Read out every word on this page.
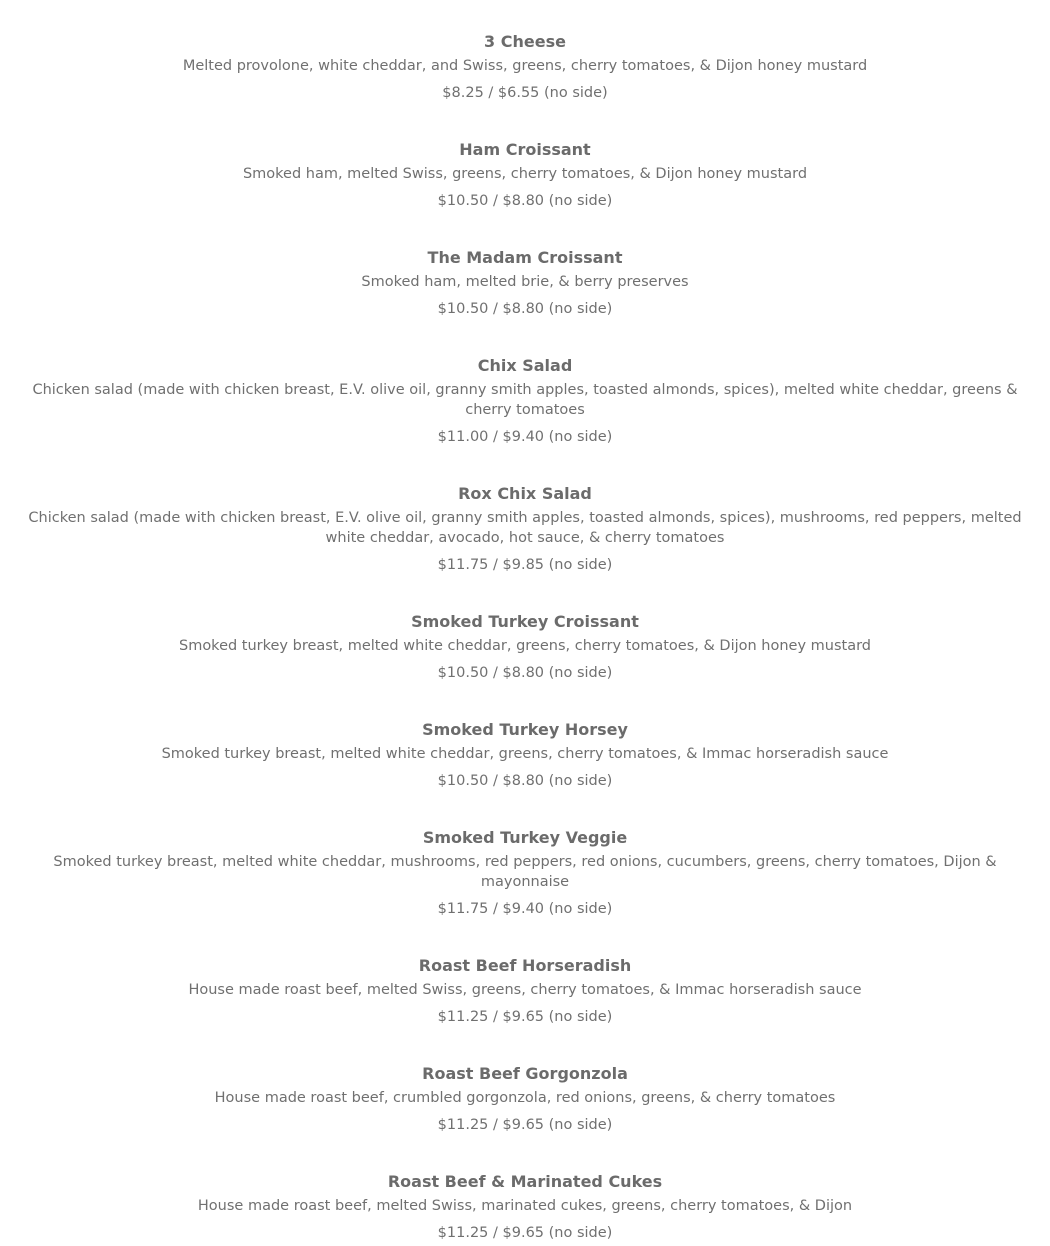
3 Cheese
Melted provolone, white cheddar, and Swiss, greens, cherry tomatoes, & Dijon honey mustard
$8.25 / $6.55 (no side)
Ham Croissant
Smoked ham, melted Swiss, greens, cherry tomatoes, & Dijon honey mustard
$10.50 / $8.80 (no side)
The Madam Croissant
Smoked ham, melted brie, & berry preserves
$10.50 / $8.80 (no side)
Chix Salad
Chicken salad (made with chicken breast, E.V. olive oil, granny smith apples, toasted almonds, spices), melted white cheddar, greens & cherry tomatoes
$11.00 / $9.40 (no side)
Rox Chix Salad
Chicken salad (made with chicken breast, E.V. olive oil, granny smith apples, toasted almonds, spices), mushrooms, red peppers, melted white cheddar, avocado, hot sauce, & cherry tomatoes
$11.75 / $9.85 (no side)
Smoked Turkey Croissant
Smoked turkey breast, melted white cheddar, greens, cherry tomatoes, & Dijon honey mustard
$10.50 / $8.80 (no side)
Smoked Turkey Horsey
Smoked turkey breast, melted white cheddar, greens, cherry tomatoes, & Immac horseradish sauce
$10.50 / $8.80 (no side)
Smoked Turkey Veggie
Smoked turkey breast, melted white cheddar, mushrooms, red peppers, red onions, cucumbers, greens, cherry tomatoes, Dijon & mayonnaise
$11.75 / $9.40 (no side)
Roast Beef Horseradish
House made roast beef, melted Swiss, greens, cherry tomatoes, & Immac horseradish sauce
$11.25 / $9.65 (no side)
Roast Beef Gorgonzola
House made roast beef, crumbled gorgonzola, red onions, greens, & cherry tomatoes
$11.25 / $9.65 (no side)
Roast Beef & Marinated Cukes
House made roast beef, melted Swiss, marinated cukes, greens, cherry tomatoes, & Dijon
$11.25 / $9.65 (no side)
